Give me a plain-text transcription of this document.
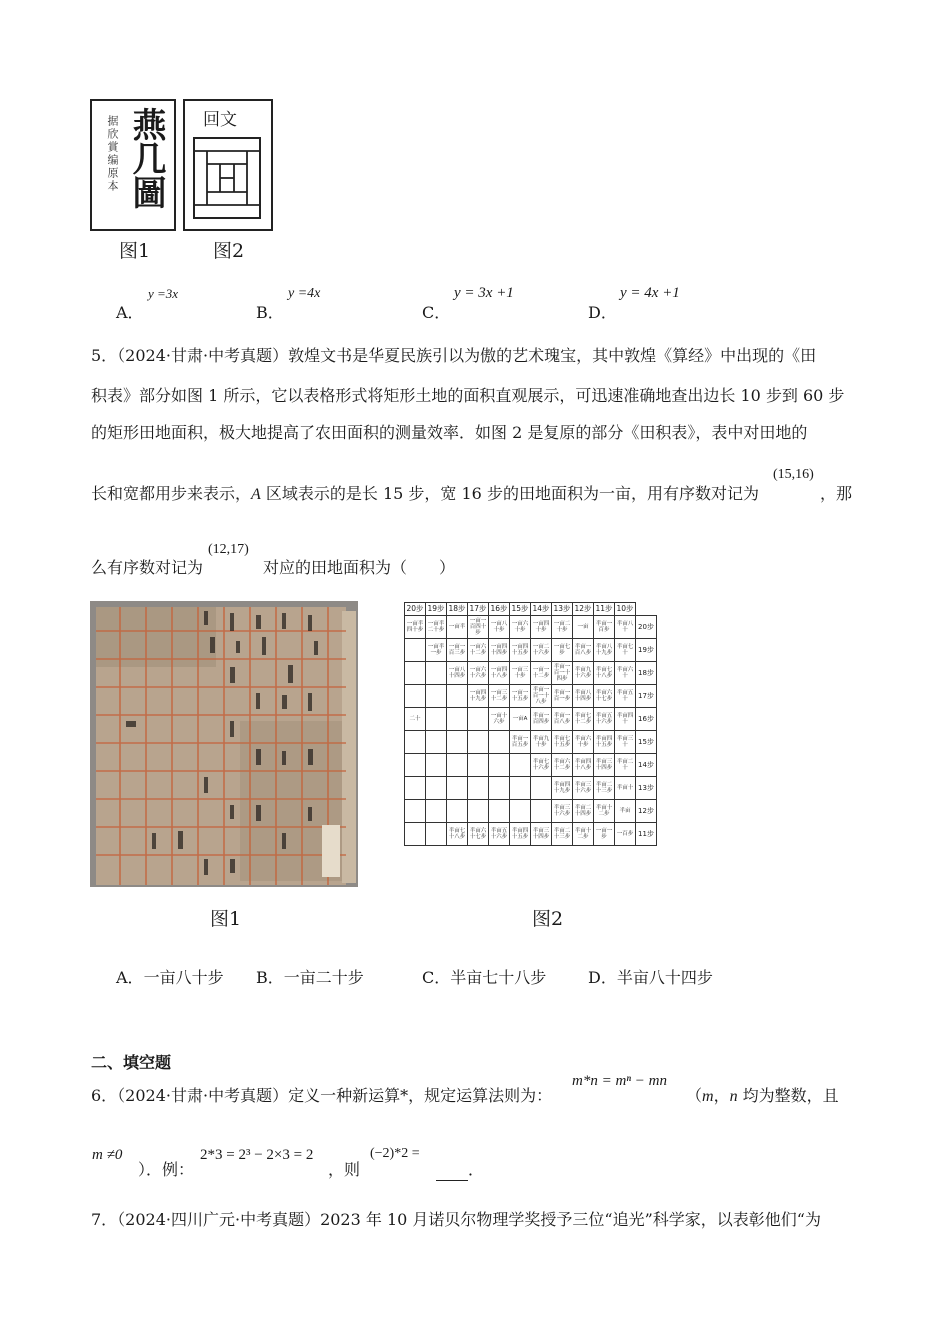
据欣賞编原本 燕几圖 回文
图1	图2
A．
y =3x
B．
y =4x
C．
y = 3x +1
D．
y = 4x +1
5．（2024·甘肃·中考真题）敦煌文书是华夏民族引以为傲的艺术瑰宝，其中敦煌《算经》中出现的《田
积表》部分如图 1 所示，它以表格形式将矩形土地的面积直观展示，可迅速准确地查出边长 10 步到 60 步
的矩形田地面积，极大地提高了农田面积的测量效率．如图 2 是复原的部分《田积表》，表中对田地的
长和宽都用步来表示，A 区域表示的是长 15 步，宽 16 步的田地面积为一亩，用有序数对记为
(15,16)
，那
么有序数对记为
(12,17)
对应的田地面积为（　　）
20步	19步	18步	17步	16步	15步	14步	13步	12步	11步	10步	
一亩半四十步	一亩半二十步	一亩半	一亩一百四十步	一亩八十步	一亩六十步	一亩四十步	一亩二十步	一亩	半亩一百步	半亩八十	20步
	一亩半一步	一亩一百三步	一亩六十二步	一亩四十四步	一亩四十五步	一亩二十六步	一亩七步	半亩一百八步	半亩八十九步	半亩七十	19步
		一亩八十四步	一亩六十六步	一亩四十八步	一亩三十步	一亩一十二步	半亩一百一十四步	半亩九十六步	半亩七十八步	半亩六十	18步
			一亩四十九步	一亩三十二步	一亩一十五步	半亩一百一十八步	半亩一百一步	半亩八十四步	半亩六十七步	半亩五十	17步
二十				一亩十六步	一亩A	半亩一百四步	半亩一百八步	半亩七十二步	半亩五十六步	半亩四十	16步
					半亩一百五步	半亩九十步	半亩七十五步	半亩六十步	半亩四十五步	半亩三十	15步
						半亩七十六步	半亩六十二步	半亩四十八步	半亩三十四步	半亩二十	14步
							半亩四十九步	半亩三十六步	半亩二十三步	半亩十	13步
							半亩三十六步	半亩二十四步	半亩十二步	半亩	12步
		半亩七十八步	半亩六十七步	半亩五十六步	半亩四十五步	半亩三十四步	半亩二十三步	半亩十二步	一亩一步	一百步	11步
图1	图2
A．一亩八十步 B．一亩二十步	C．半亩七十八步	D．半亩八十四步
二、填空题
6．（2024·甘肃·中考真题）定义一种新运算*，规定运算法则为：
m*n = mⁿ − mn
（m，n 均为整数，且
m ≠0
）．例：
2*3 = 2³ − 2×3 = 2
，则
(−2)*2 =
．
7．（2024·四川广元·中考真题）2023 年 10 月诺贝尔物理学奖授予三位“追光”科学家，以表彰他们“为
